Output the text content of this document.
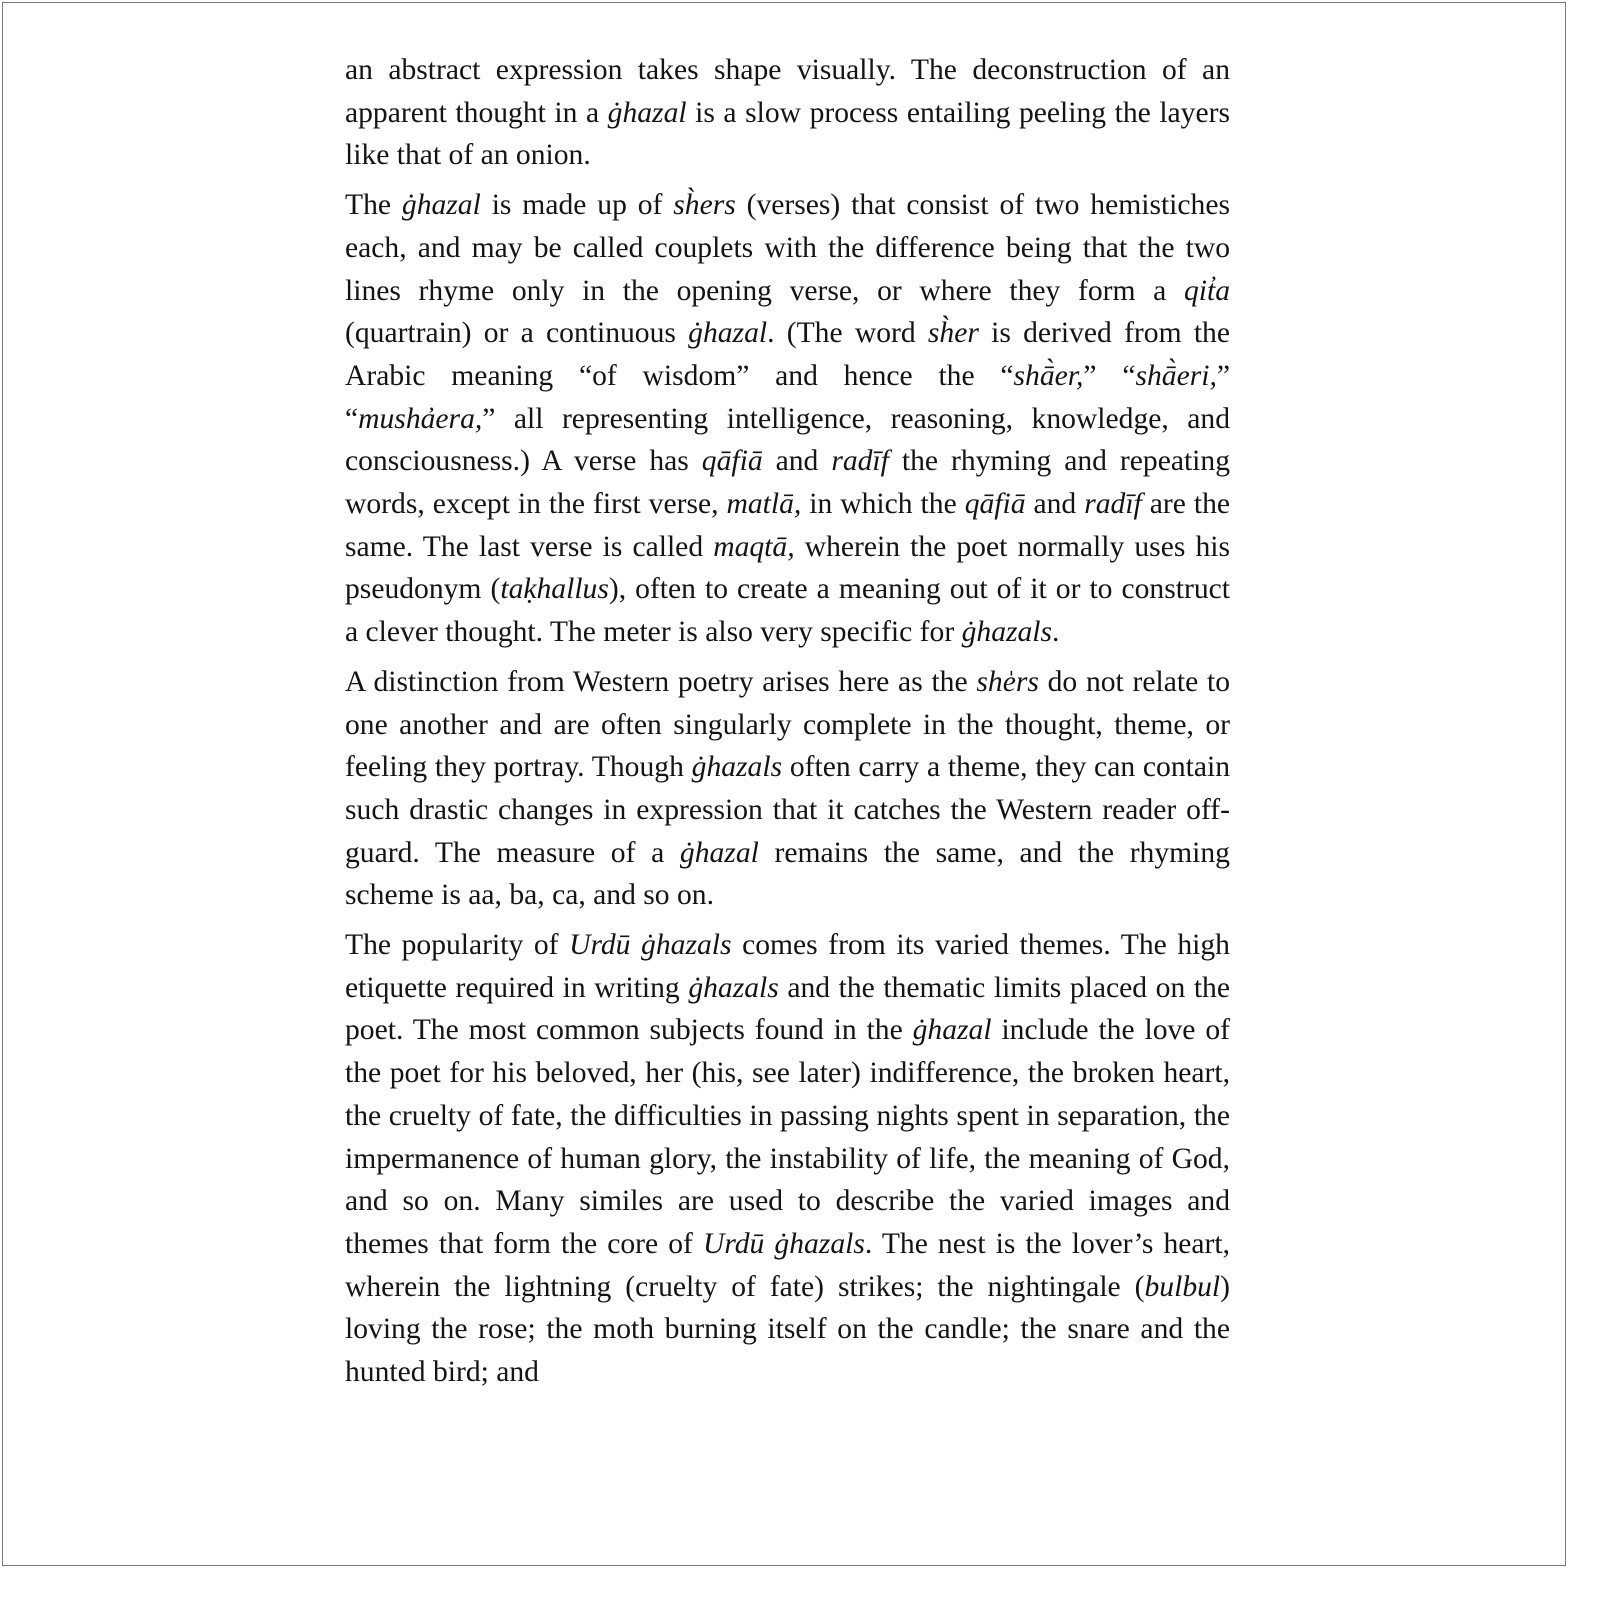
an abstract expression takes shape visually. The deconstruction of an apparent thought in a ġhazal is a slow process entailing peeling the layers like that of an onion.

The ġhazal is made up of sh̀ers (verses) that consist of two hemistiches each, and may be called couplets with the difference being that the two lines rhyme only in the opening verse, or where they form a qit̓a (quartrain) or a continuous ġhazal. (The word sh̀er is derived from the Arabic meaning “of wisdom” and hence the “shā̀er,” “shā̀eri,” “musha̓era,” all representing intelligence, reasoning, knowledge, and consciousness.) A verse has qāfiā and radīf the rhyming and repeating words, except in the first verse, matlā, in which the qāfiā and radīf are the same. The last verse is called maqtā, wherein the poet normally uses his pseudonym (taḳhallus), often to create a meaning out of it or to construct a clever thought. The meter is also very specific for ġhazals.

A distinction from Western poetry arises here as the she̍rs do not relate to one another and are often singularly complete in the thought, theme, or feeling they portray. Though ġhazals often carry a theme, they can contain such drastic changes in expression that it catches the Western reader off-guard. The measure of a ġhazal remains the same, and the rhyming scheme is aa, ba, ca, and so on.

The popularity of Urdū ġhazals comes from its varied themes. The high etiquette required in writing ġhazals and the thematic limits placed on the poet. The most common subjects found in the ġhazal include the love of the poet for his beloved, her (his, see later) indifference, the broken heart, the cruelty of fate, the difficulties in passing nights spent in separation, the impermanence of human glory, the instability of life, the meaning of God, and so on. Many similes are used to describe the varied images and themes that form the core of Urdū ġhazals. The nest is the lover’s heart, wherein the lightning (cruelty of fate) strikes; the nightingale (bulbul) loving the rose; the moth burning itself on the candle; the snare and the hunted bird; and
